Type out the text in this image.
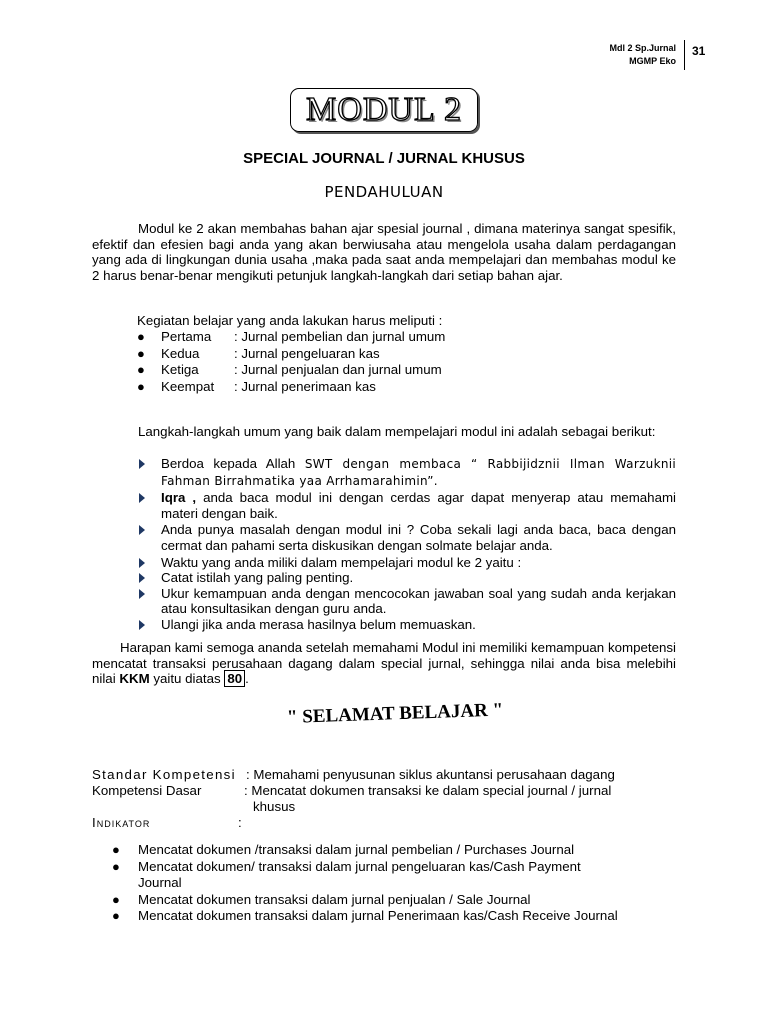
Mdl 2 Sp.Jurnal
MGMP Eko
31
MODUL 2
SPECIAL JOURNAL / JURNAL KHUSUS
PENDAHULUAN
Modul ke 2 akan membahas bahan ajar spesial journal , dimana materinya sangat spesifik, efektif dan efesien bagi anda yang akan berwiusaha atau mengelola usaha dalam perdagangan yang ada di lingkungan dunia usaha ,maka pada saat anda mempelajari dan membahas modul ke 2 harus benar-benar mengikuti petunjuk langkah-langkah dari setiap bahan ajar.
Kegiatan belajar yang anda lakukan harus meliputi :
●	Pertama	: Jurnal pembelian dan jurnal umum
●	Kedua	: Jurnal pengeluaran kas
●	Ketiga	: Jurnal penjualan dan jurnal umum
●	Keempat	: Jurnal penerimaan kas
Langkah-langkah umum yang baik dalam mempelajari modul ini adalah sebagai berikut:
Berdoa kepada Allah SWT dengan membaca “ Rabbijidznii Ilman Warzuknii Fahman Birrahmatika yaa Arrhamarahimin”.
Iqra , anda baca modul ini dengan cerdas agar dapat menyerap atau memahami materi dengan baik.
Anda punya masalah dengan modul ini ? Coba sekali lagi anda baca, baca dengan cermat dan pahami serta diskusikan dengan solmate belajar anda.
Waktu yang anda miliki dalam mempelajari modul ke 2 yaitu :
Catat istilah yang paling penting.
Ukur kemampuan anda dengan mencocokan jawaban soal yang sudah anda kerjakan atau konsultasikan dengan guru anda.
Ulangi jika anda merasa hasilnya belum memuaskan.
Harapan kami semoga ananda setelah memahami Modul ini memiliki kemampuan kompetensi mencatat transaksi perusahaan dagang dalam special jurnal, sehingga nilai anda bisa melebihi nilai KKM yaitu diatas 80 .
" SELAMAT BELAJAR "
Standar Kompetensi : Memahami penyusunan siklus akuntansi perusahaan dagang
Kompetensi Dasar	: Mencatat dokumen transaksi ke dalam special journal / jurnal
khusus
Indikator	:
●	Mencatat dokumen /transaksi dalam jurnal pembelian / Purchases Journal
●	Mencatat dokumen/ transaksi dalam jurnal pengeluaran kas/Cash Payment
Journal
●	Mencatat dokumen transaksi dalam jurnal penjualan / Sale Journal
●	Mencatat dokumen transaksi dalam jurnal Penerimaan kas/Cash Receive Journal
